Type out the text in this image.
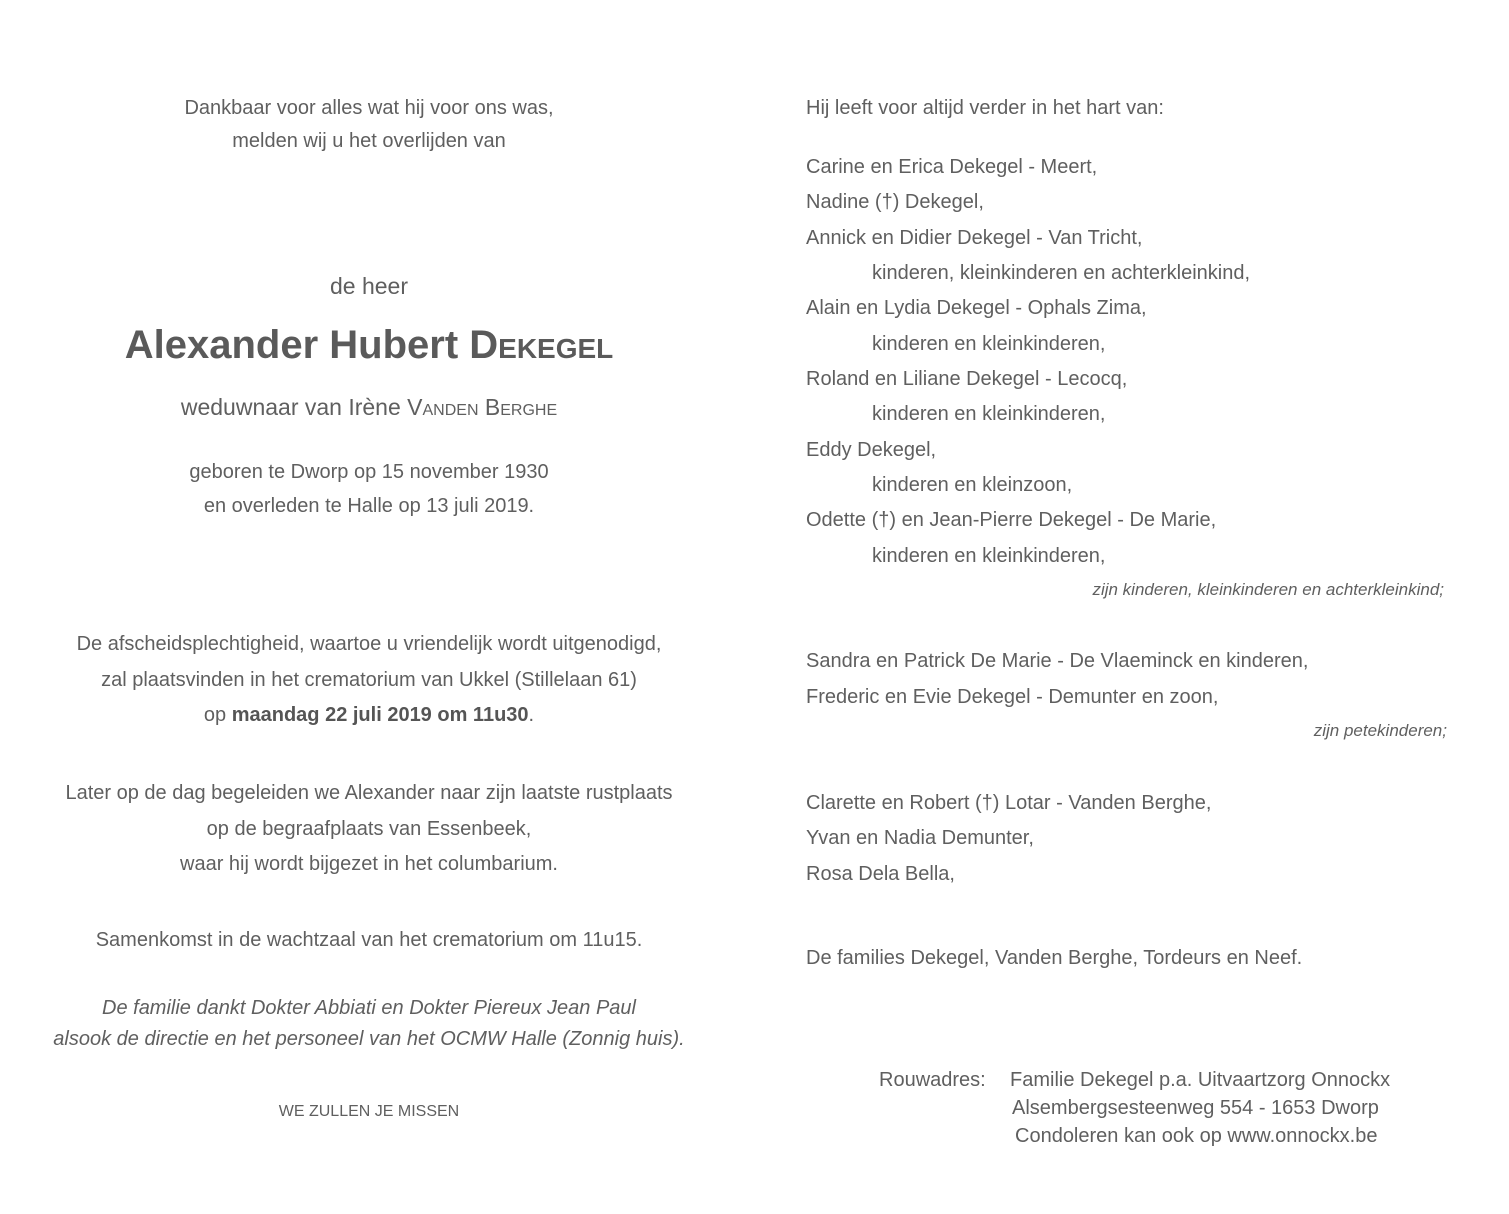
Dankbaar voor alles wat hij voor ons was,
melden wij u het overlijden van
de heer
Alexander Hubert Dekegel
weduwnaar van Irène Vanden Berghe
geboren te Dworp op 15 november 1930
en overleden te Halle op 13 juli 2019.
De afscheidsplechtigheid, waartoe u vriendelijk wordt uitgenodigd,
zal plaatsvinden in het crematorium van Ukkel (Stillelaan 61)
op maandag 22 juli 2019 om 11u30.
Later op de dag begeleiden we Alexander naar zijn laatste rustplaats
op de begraafplaats van Essenbeek,
waar hij wordt bijgezet in het columbarium.
Samenkomst in de wachtzaal van het crematorium om 11u15.
De familie dankt Dokter Abbiati en Dokter Piereux Jean Paul
alsook de directie en het personeel van het OCMW Halle (Zonnig huis).
WE ZULLEN JE MISSEN
Hij leeft voor altijd verder in het hart van:
Carine en Erica Dekegel - Meert,
Nadine (†) Dekegel,
Annick en Didier Dekegel - Van Tricht,
kinderen, kleinkinderen en achterkleinkind,
Alain en Lydia Dekegel - Ophals Zima,
kinderen en kleinkinderen,
Roland en Liliane Dekegel - Lecocq,
kinderen en kleinkinderen,
Eddy Dekegel,
kinderen en kleinzoon,
Odette (†) en Jean-Pierre Dekegel - De Marie,
kinderen en kleinkinderen,
zijn kinderen, kleinkinderen en achterkleinkind;
Sandra en Patrick De Marie - De Vlaeminck en kinderen,
Frederic en Evie Dekegel - Demunter en zoon,
zijn petekinderen;
Clarette en Robert (†) Lotar - Vanden Berghe,
Yvan en Nadia Demunter,
Rosa Dela Bella,
De families Dekegel, Vanden Berghe, Tordeurs en Neef.
Rouwadres: Familie Dekegel p.a. Uitvaartzorg Onnockx
Alsembergsesteenweg 554 - 1653 Dworp
Condoleren kan ook op www.onnockx.be
